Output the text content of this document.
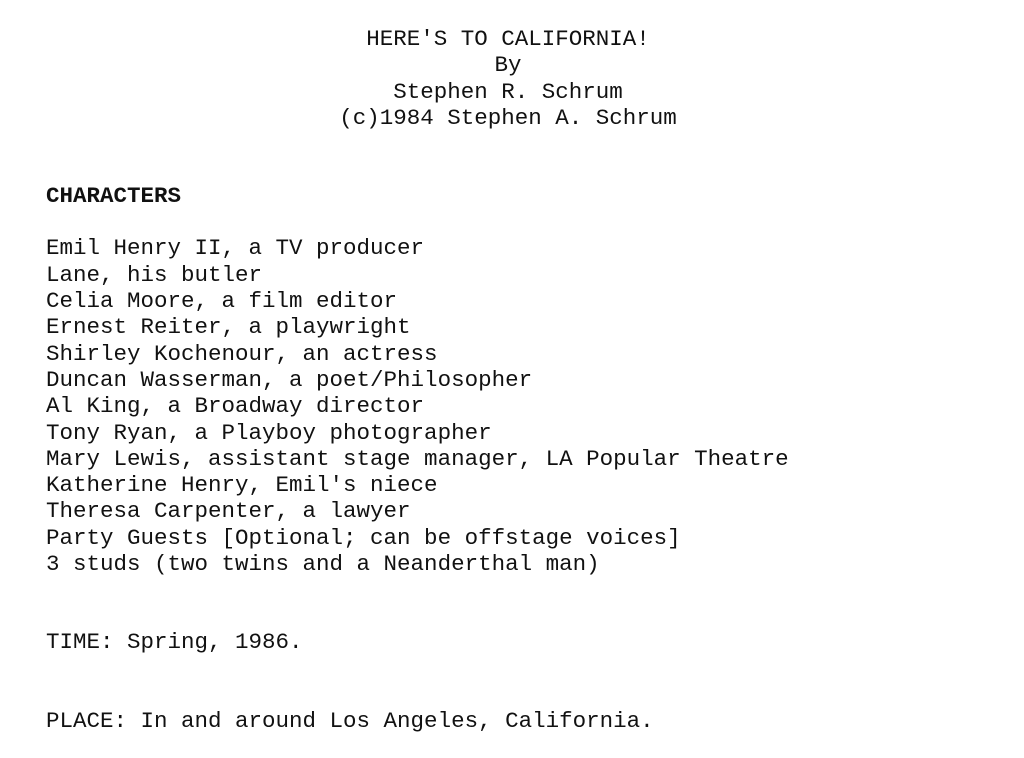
HERE'S TO CALIFORNIA!
By
Stephen R. Schrum
(c)1984 Stephen A. Schrum
CHARACTERS
Emil Henry II, a TV producer
Lane, his butler
Celia Moore, a film editor
Ernest Reiter, a playwright
Shirley Kochenour, an actress
Duncan Wasserman, a poet/Philosopher
Al King, a Broadway director
Tony Ryan, a Playboy photographer
Mary Lewis, assistant stage manager, LA Popular Theatre
Katherine Henry, Emil's niece
Theresa Carpenter, a lawyer
Party Guests [Optional; can be offstage voices]
3 studs (two twins and a Neanderthal man)
TIME: Spring, 1986.
PLACE: In and around Los Angeles, California.
